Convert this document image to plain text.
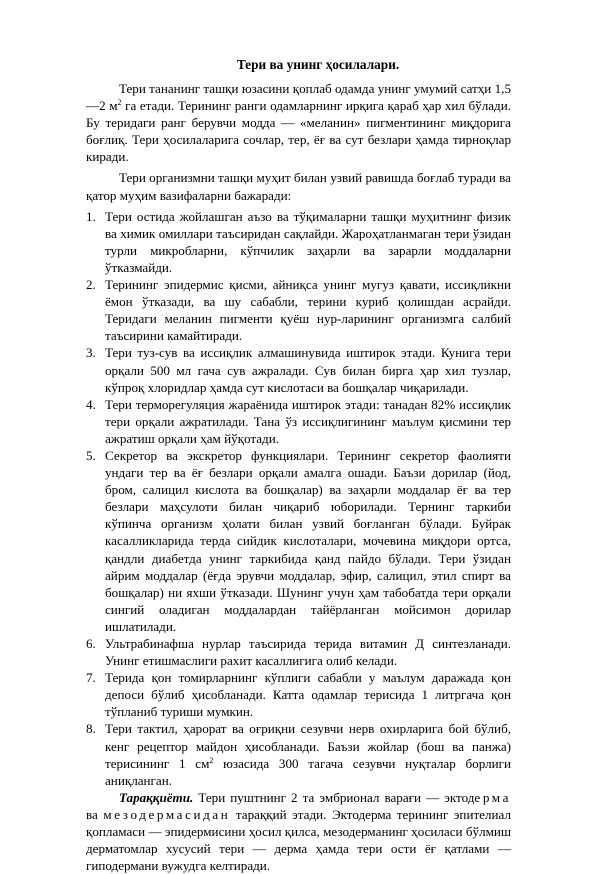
Тери ва унинг ҳосилалари.

Тери тананинг ташқи юзасини қоплаб одамда унинг умумий сатҳи 1,5—2 $м^2$ га етади. Терининг ранги одамларнинг ирқига қараб ҳар хил бўлади. Бу теридаги ранг берувчи модда — «меланин» пигментининг миқдорига боғлиқ. Тери ҳосилаларига сочлар, тер, ёғ ва сут безлари ҳамда тирноқлар киради.

Тери организмни ташқи муҳит билан узвий равишда боғлаб туради ва қатор муҳим вазифаларни бажаради:

1. Тери остида жойлашган аъзо ва тўқималарни ташқи муҳитнинг физик ва химик омиллари таъсиридан сақлайди. Жароҳатланмаган тери ўзидан турли микробларни, кўпчилик заҳарли ва зарарли моддаларни ўтказмайди.
2. Терининг эпидермис қисми, айниқса унинг мугуз қавати, иссиқликни ёмон ўтказади, ва шу сабабли, терини куриб қолишдан асрайди. Теридаги меланин пигменти қуёш нур-ларининг организмга салбий таъсирини камайтиради.
3. Тери туз-сув ва иссиқлик алмашинувида иштирок этади. Кунига тери орқали 500 мл гача сув ажралади. Сув билан бирга ҳар хил тузлар, кўпроқ хлоридлар ҳамда сут кислотаси ва бошқалар чиқарилади.
4. Тери терморегуляция жараёнида иштирок этади: танадан 82% иссиқлик тери орқали ажратилади. Тана ўз иссиқлигининг маълум қисмини тер ажратиш орқали ҳам йўқотади.
5. Секретор ва экскретор функциялари. Терининг секретор фаолияти ундаги тер ва ёғ безлари орқали амалга ошади. Баъзи дорилар (йод, бром, салицил кислота ва бошқалар) ва заҳарли моддалар ёғ ва тер безлари маҳсулоти билан чиқариб юборилади. Тернинг таркиби кўпинча организм ҳолати билан узвий боғланган бўлади. Буйрак касалликларида терда сийдик кислоталари, мочевина миқдори ортса, қандли диабетда унинг таркибида қанд пайдо бўлади. Тери ўзидан айрим моддалар (ёғда эрувчи моддалар, эфир, салицил, этил спирт ва бошқалар) ни яхши ўтказади. Шунинг учун ҳам табобатда тери орқали сингий оладиган моддалардан тайёрланган мойсимон дорилар ишлатилади.
6. Ультрабинафша нурлар таъсирида терида витамин Д синтезланади. Унинг етишмаслиги рахит касаллигига олиб келади.
7. Терида қон томирларнинг кўплиги сабабли у маълум даражада қон депоси бўлиб ҳисобланади. Катта одамлар терисида 1 литргача қон тўпланиб туриши мумкин.
8. Тери тактил, ҳарорат ва оғриқни сезувчи нерв охирларига бой бўлиб, кенг рецептор майдон ҳисобланади. Баъзи жойлар (бош ва панжа) терисининг 1 $см^2$ юзасида 300 тагача сезувчи нуқталар борлиги аниқланган.

Тараққиёти. Тери пуштнинг 2 та эмбрионал варағи — эктодерма ва мезодермасидан тараққий этади. Эктодерма терининг эпителиал қопламаси — эпидермисини ҳосил қилса, мезодерманинг ҳосиласи бўлмиш дерматомлар хусусий тери — дерма ҳамда тери ости ёғ қатлами — гиподермани вужудга келтиради.
